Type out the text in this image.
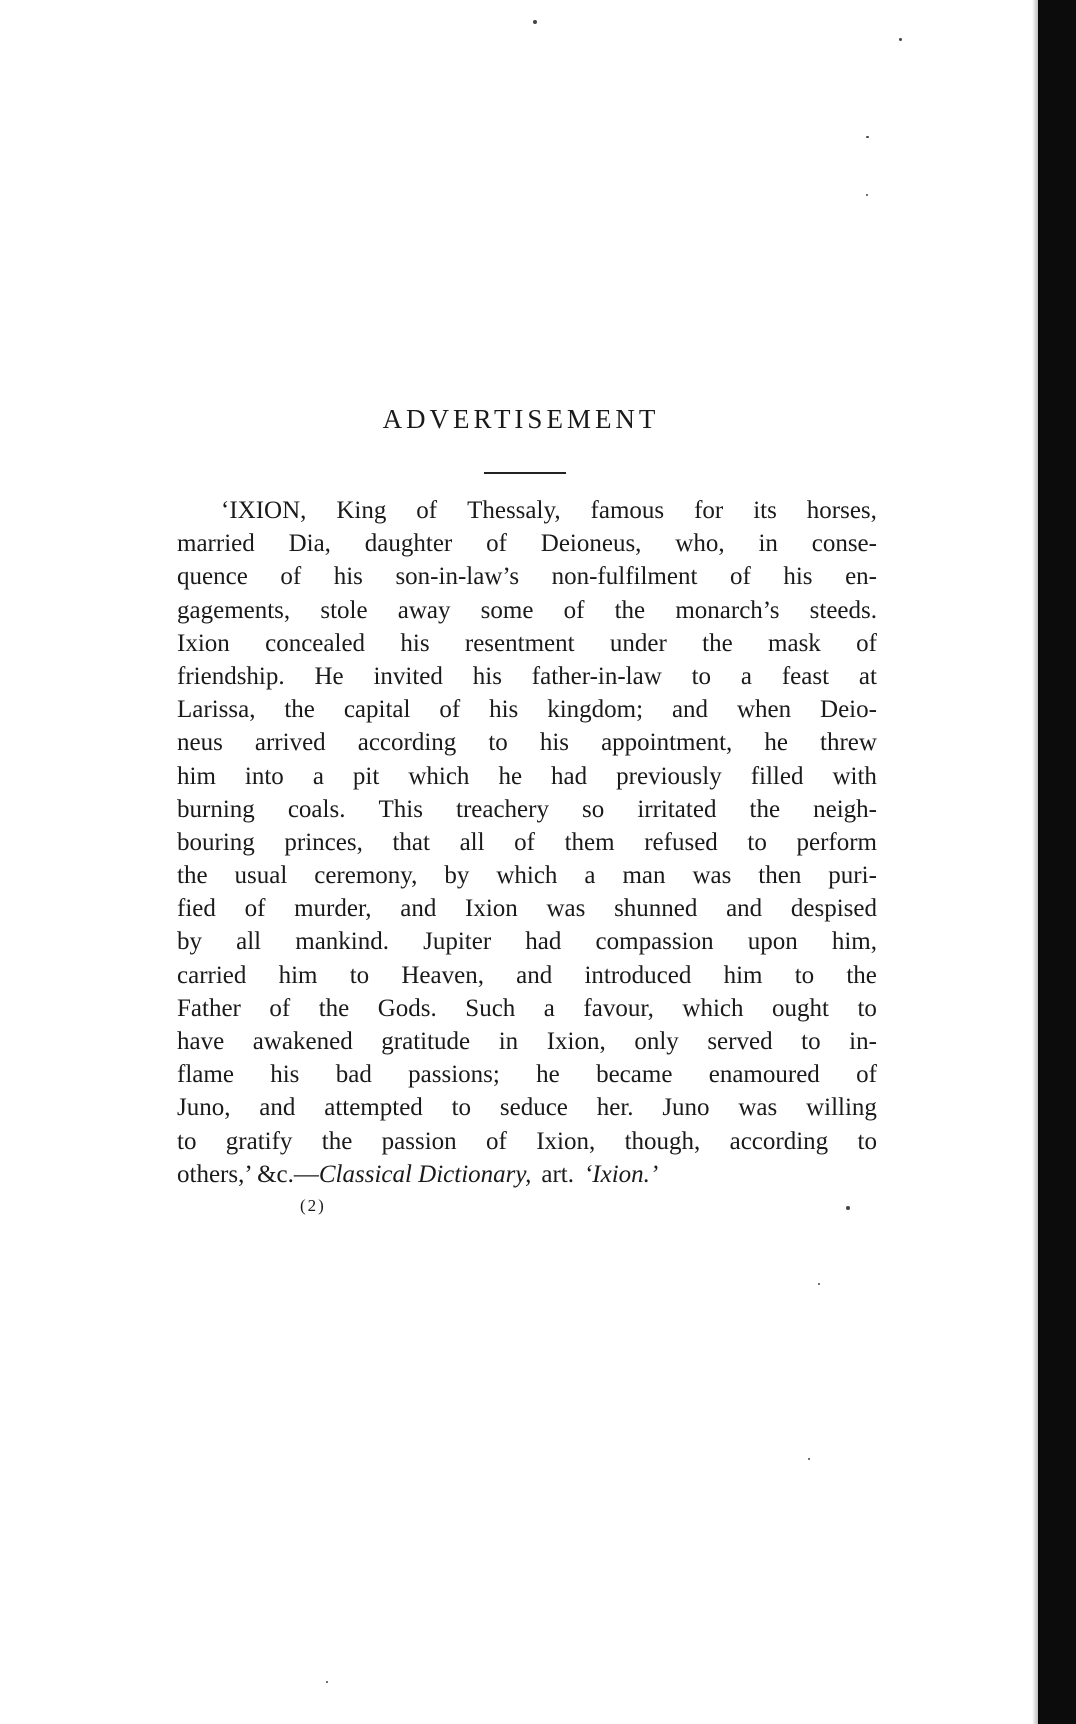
ADVERTISEMENT
‘IXION, King of Thessaly, famous for its horses,
married Dia, daughter of Deioneus, who, in conse-
quence of his son-in-law’s non-fulfilment of his en-
gagements, stole away some of the monarch’s steeds.
Ixion concealed his resentment under the mask of
friendship. He invited his father-in-law to a feast at
Larissa, the capital of his kingdom; and when Deio-
neus arrived according to his appointment, he threw
him into a pit which he had previously filled with
burning coals. This treachery so irritated the neigh-
bouring princes, that all of them refused to perform
the usual ceremony, by which a man was then puri-
fied of murder, and Ixion was shunned and despised
by all mankind. Jupiter had compassion upon him,
carried him to Heaven, and introduced him to the
Father of the Gods. Such a favour, which ought to
have awakened gratitude in Ixion, only served to in-
flame his bad passions; he became enamoured of
Juno, and attempted to seduce her. Juno was willing
to gratify the passion of Ixion, though, according to
others,’ &c.— Classical Dictionary, art. ‘Ixion.’
(2)
